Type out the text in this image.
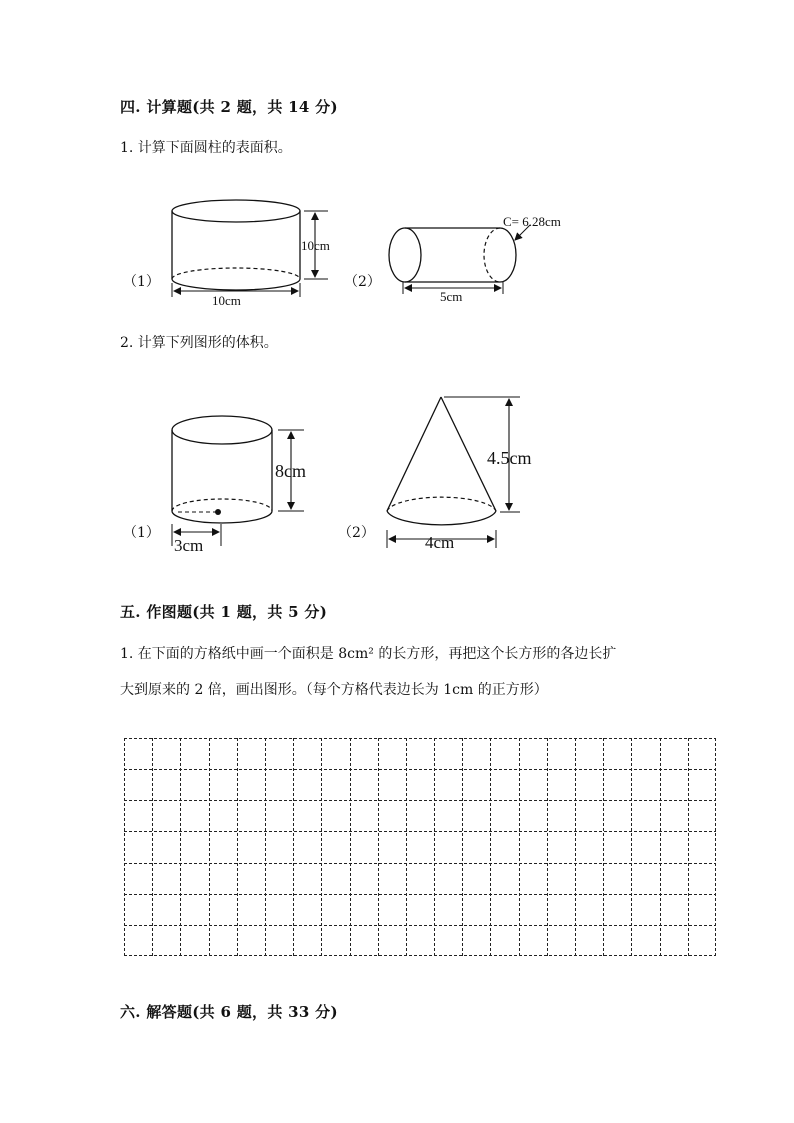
四. 计算题(共 2 题，共 14 分)
1. 计算下面圆柱的表面积。
（1）
10cm
10cm
（2）
C= 6.28cm
5cm
2. 计算下列图形的体积。
（1）
8cm
3cm
（2）
4.5cm
4cm
五. 作图题(共 1 题，共 5 分)
1. 在下面的方格纸中画一个面积是 8cm² 的长方形，再把这个长方形的各边长扩
大到原来的 2 倍，画出图形。（每个方格代表边长为 1cm 的正方形）
六. 解答题(共 6 题，共 33 分)
